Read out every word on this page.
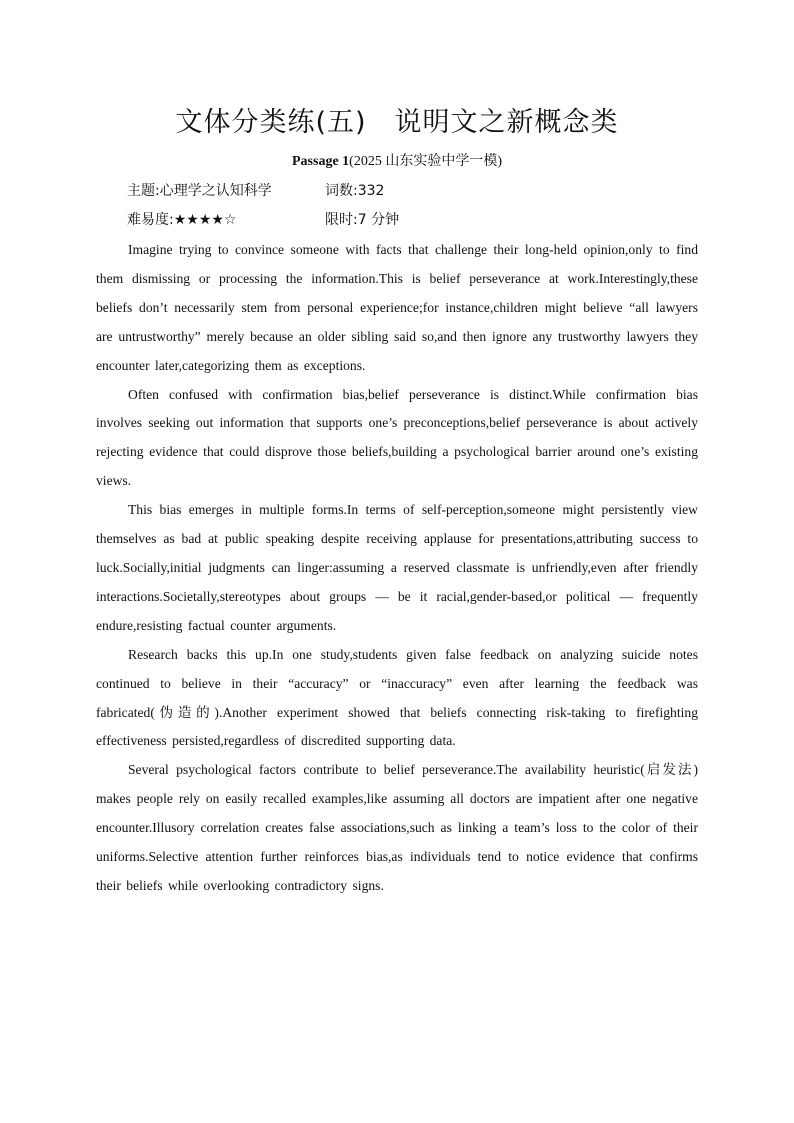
文体分类练(五)　说明文之新概念类
Passage 1(2025 山东实验中学一模)
主题:心理学之认知科学	词数:332
难易度:★★★★☆	限时:7 分钟

Imagine trying to convince someone with facts that challenge their long-held opinion,only to find them dismissing or processing the information.This is belief perseverance at work.Interestingly,these beliefs don’t necessarily stem from personal experience;for instance,children might believe “all lawyers are untrustworthy” merely because an older sibling said so,and then ignore any trustworthy lawyers they encounter later,categorizing them as exceptions.

Often confused with confirmation bias,belief perseverance is distinct.While confirmation bias involves seeking out information that supports one’s preconceptions,belief perseverance is about actively rejecting evidence that could disprove those beliefs,building a psychological barrier around one’s existing views.

This bias emerges in multiple forms.In terms of self-perception,someone might persistently view themselves as bad at public speaking despite receiving applause for presentations,attributing success to luck.Socially,initial judgments can linger:assuming a reserved classmate is unfriendly,even after friendly interactions.Societally,stereotypes about groups — be it racial,gender-based,or political — frequently endure,resisting factual counter arguments.

Research backs this up.In one study,students given false feedback on analyzing suicide notes continued to believe in their “accuracy” or “inaccuracy” even after learning the feedback was fabricated(伪造的).Another experiment showed that beliefs connecting risk-taking to firefighting effectiveness persisted,regardless of discredited supporting data.

Several psychological factors contribute to belief perseverance.The availability heuristic(启发法) makes people rely on easily recalled examples,like assuming all doctors are impatient after one negative encounter.Illusory correlation creates false associations,such as linking a team’s loss to the color of their uniforms.Selective attention further reinforces bias,as individuals tend to notice evidence that confirms their beliefs while overlooking contradictory signs.
